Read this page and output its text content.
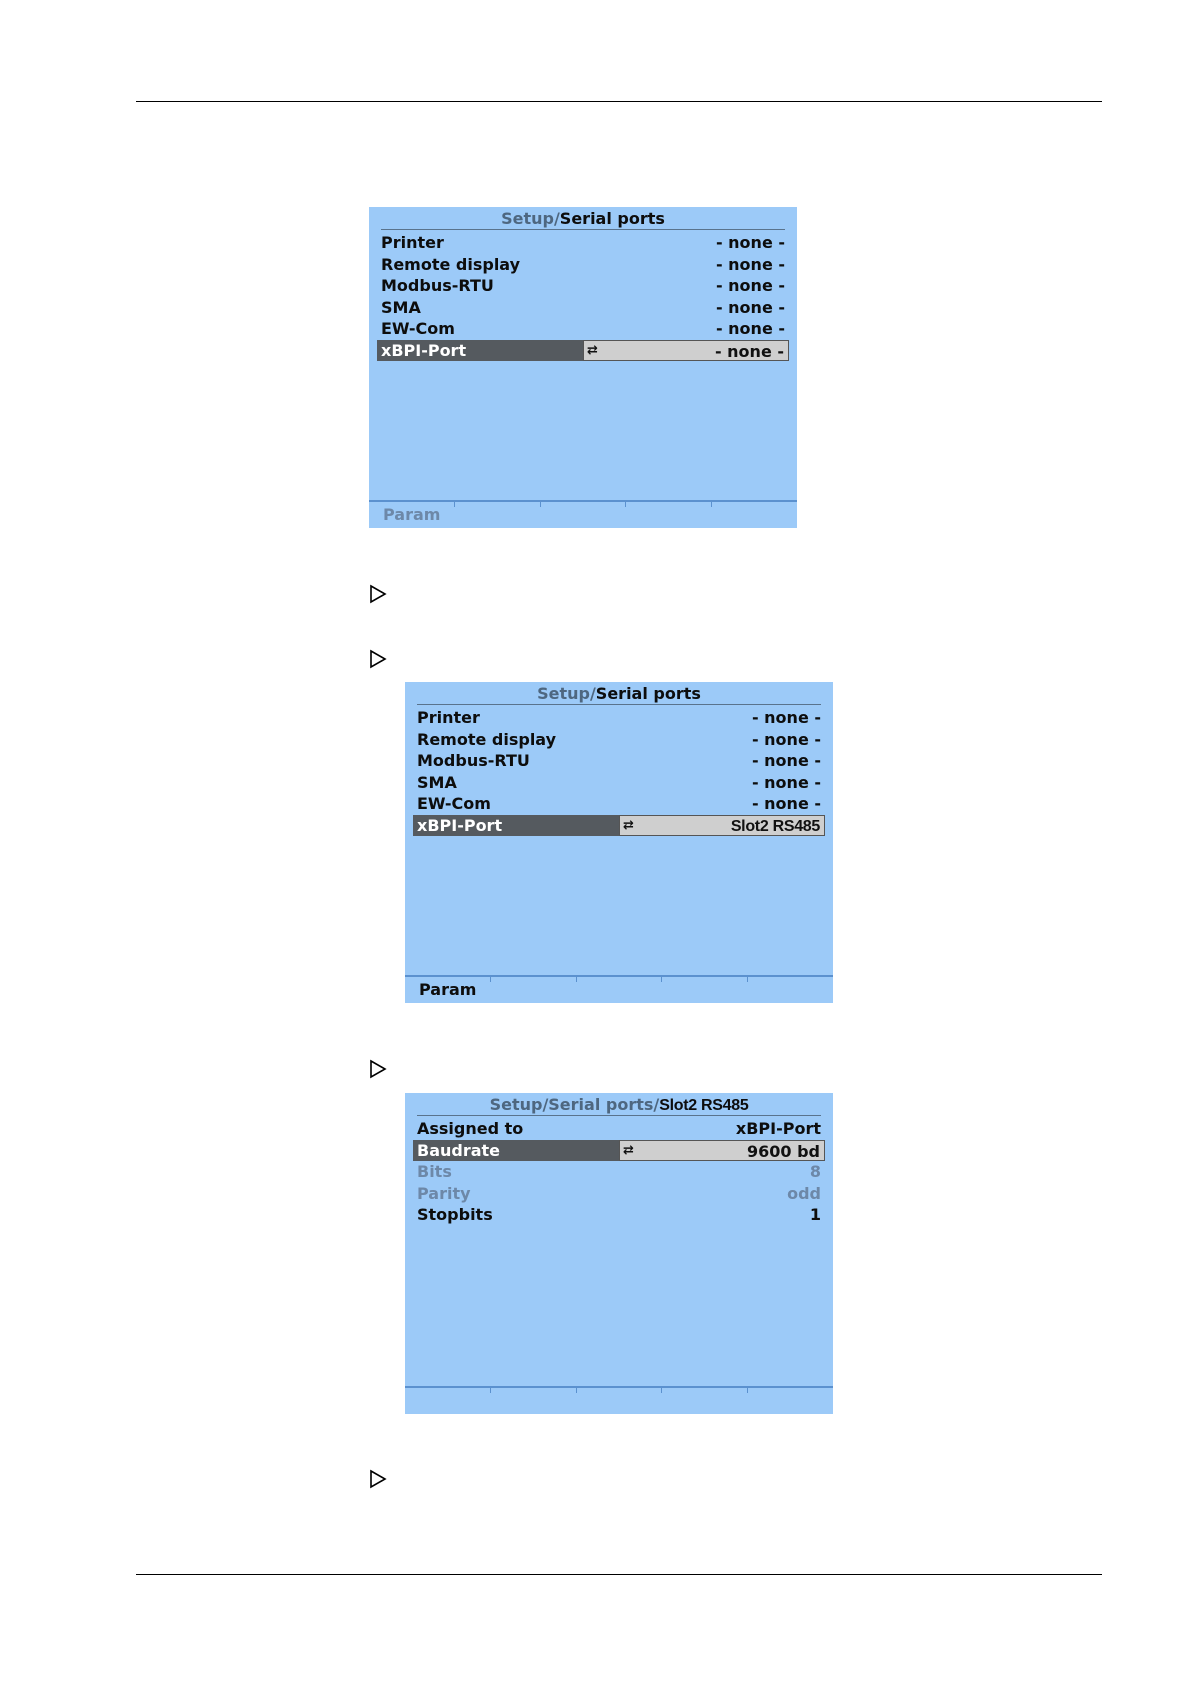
Setup/Serial ports
Printer	- none -
Remote display	- none -
Modbus-RTU	- none -
SMA	- none -
EW-Com	- none -
xBPI-Port	⇄	- none -
Param
Setup/Serial ports
Printer	- none -
Remote display	- none -
Modbus-RTU	- none -
SMA	- none -
EW-Com	- none -
xBPI-Port	⇄	Slot2 RS485
Param
Setup/Serial ports/Slot2 RS485
Assigned to	xBPI-Port
Baudrate	⇄	9600 bd
Bits	8
Parity	odd
Stopbits	1
